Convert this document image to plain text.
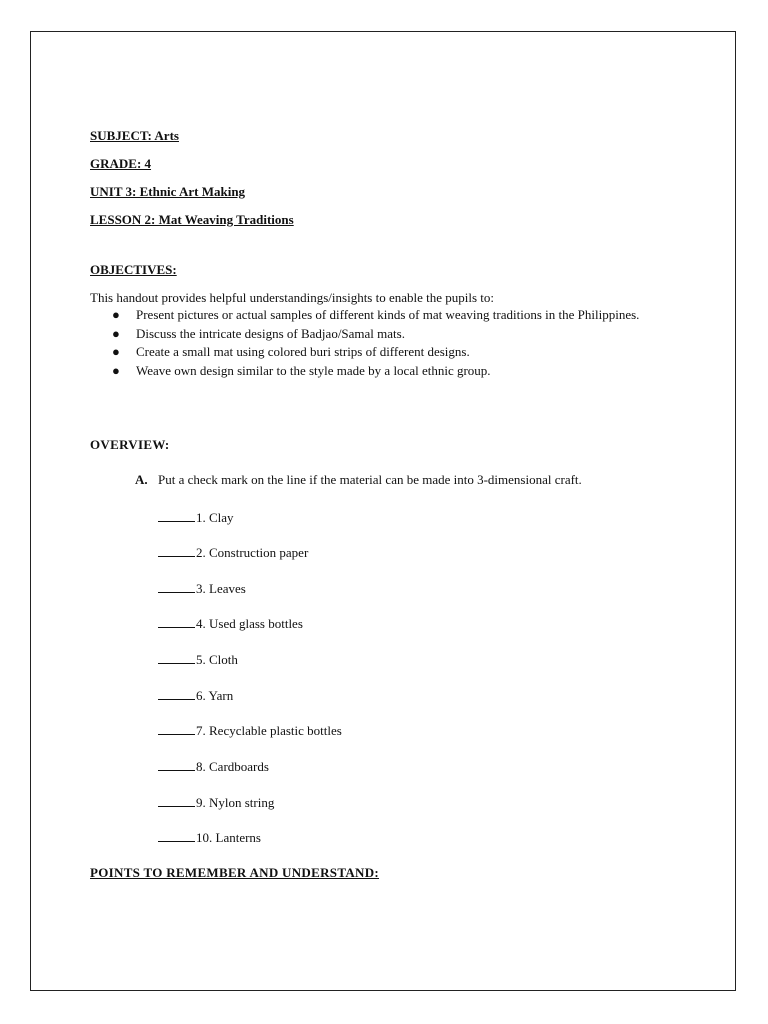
SUBJECT: Arts
GRADE: 4
UNIT 3: Ethnic Art Making
LESSON 2: Mat Weaving Traditions
OBJECTIVES:
This handout provides helpful understandings/insights to enable the pupils to:
● Present pictures or actual samples of different kinds of mat weaving traditions in the Philippines.
● Discuss the intricate designs of Badjao/Samal mats.
● Create a small mat using colored buri strips of different designs.
● Weave own design similar to the style made by a local ethnic group.
OVERVIEW:
A. Put a check mark on the line if the material can be made into 3-dimensional craft.
1. Clay
2. Construction paper
3. Leaves
4. Used glass bottles
5. Cloth
6. Yarn
7. Recyclable plastic bottles
8. Cardboards
9. Nylon string
10. Lanterns
POINTS TO REMEMBER AND UNDERSTAND:
